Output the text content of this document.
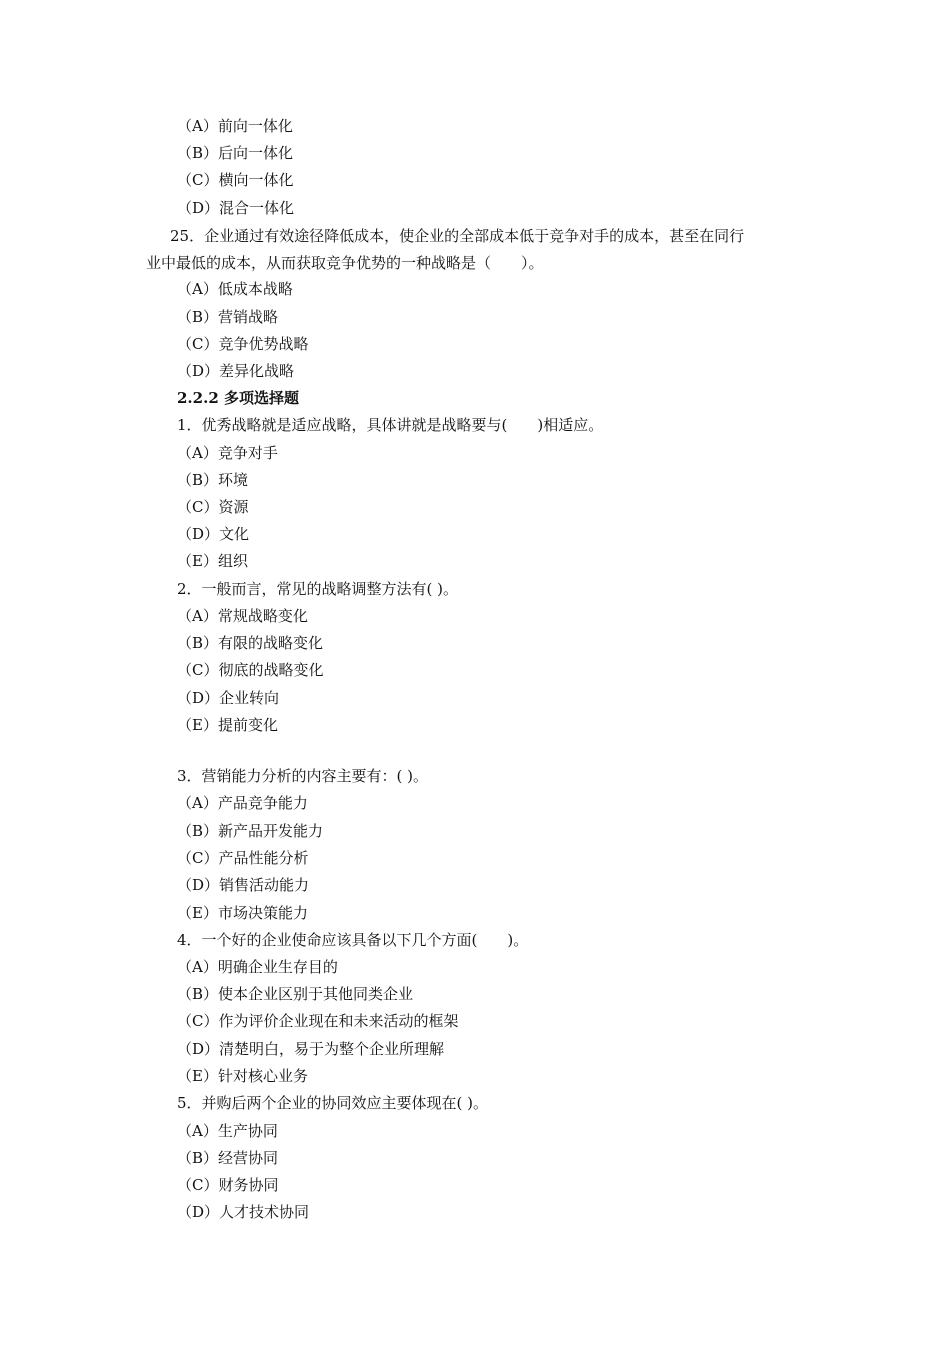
（A）前向一体化
（B）后向一体化
（C）横向一体化
（D）混合一体化
25．企业通过有效途径降低成本，使企业的全部成本低于竞争对手的成本，甚至在同行
业中最低的成本，从而获取竞争优势的一种战略是（　　）。
（A）低成本战略
（B）营销战略
（C）竞争优势战略
（D）差异化战略
2.2.2 多项选择题
1．优秀战略就是适应战略，具体讲就是战略要与(　　)相适应。
（A）竞争对手
（B）环境
（C）资源
（D）文化
（E）组织
2．一般而言，常见的战略调整方法有( )。
（A）常规战略变化
（B）有限的战略变化
（C）彻底的战略变化
（D）企业转向
（E）提前变化
3．营销能力分析的内容主要有：( )。
（A）产品竞争能力
（B）新产品开发能力
（C）产品性能分析
（D）销售活动能力
（E）市场决策能力
4．一个好的企业使命应该具备以下几个方面(　　)。
（A）明确企业生存目的
（B）使本企业区别于其他同类企业
（C）作为评价企业现在和未来活动的框架
（D）清楚明白，易于为整个企业所理解
（E）针对核心业务
5．并购后两个企业的协同效应主要体现在( )。
（A）生产协同
（B）经营协同
（C）财务协同
（D）人才技术协同
